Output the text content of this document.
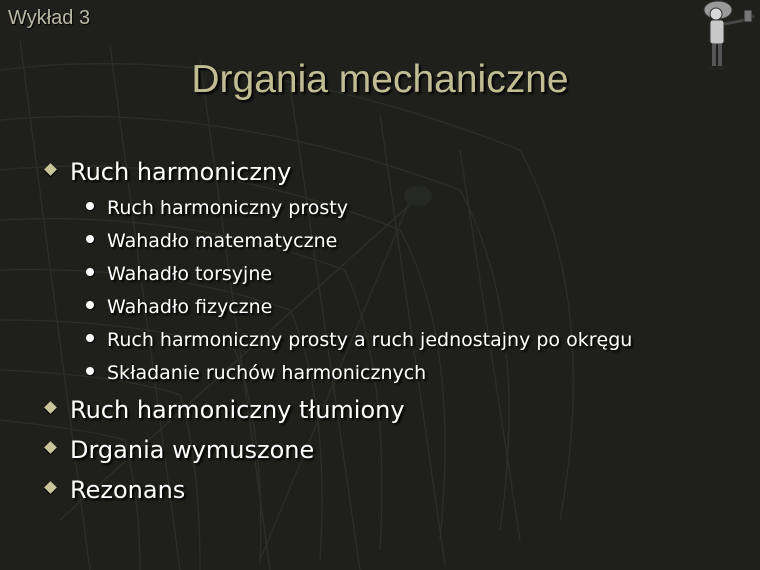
Wykład 3
Drgania mechaniczne
Ruch harmoniczny
Ruch harmoniczny prosty
Wahadło matematyczne
Wahadło torsyjne
Wahadło fizyczne
Ruch harmoniczny prosty a ruch jednostajny po okręgu
Składanie ruchów harmonicznych
Ruch harmoniczny tłumiony
Drgania wymuszone
Rezonans
